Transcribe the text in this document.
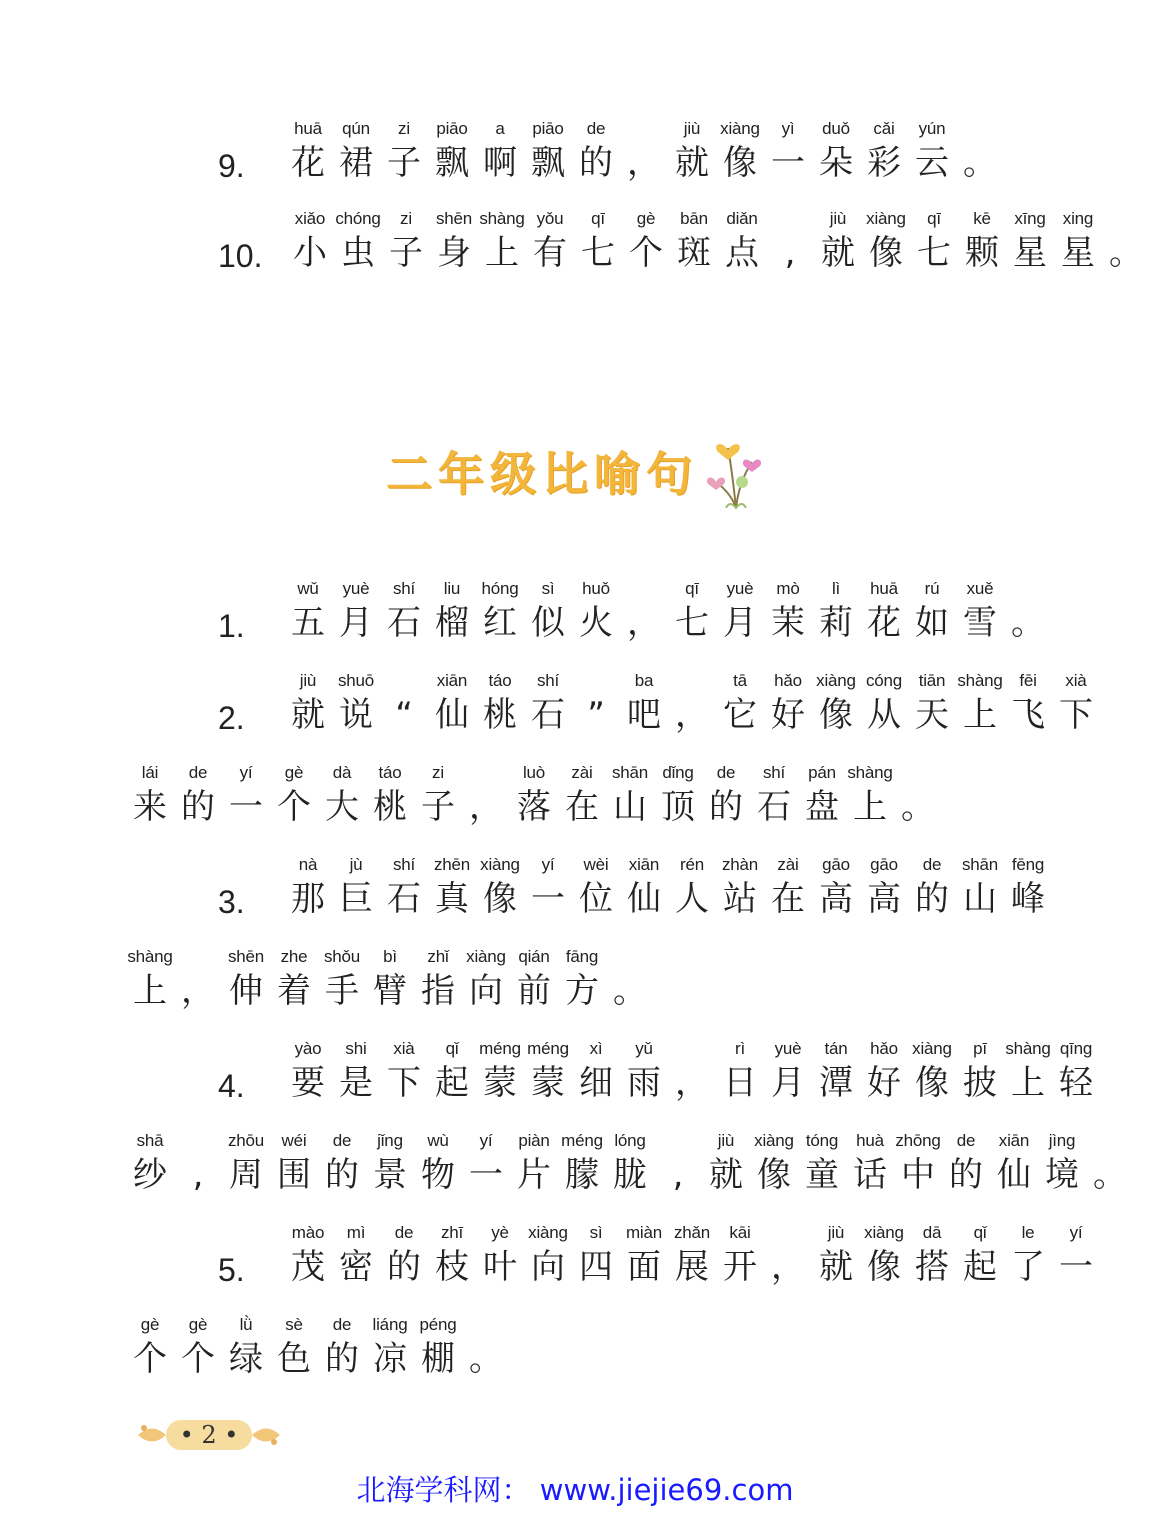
9.
huā
花
qún
裙
zi
子
piāo
飘
a
啊
piāo
飘
de
的 ，
jiù
就
xiàng
像
yì
一
duǒ
朵
cǎi
彩
yún
云 。
10.
xiǎo
小
chóng
虫
zi
子
shēn
身
shàng
上
yǒu
有
qī
七
gè
个
bān
斑
diǎn
点 ,
jiù
就
xiàng
像
qī
七
kē
颗
xīng
星
xing
星 。
二年级比喻句
1.
wǔ
五
yuè
月
shí
石
liu
榴
hóng
红
sì
似
huǒ
火 ，
qī
七
yuè
月
mò
茉
lì
莉
huā
花
rú
如
xuě
雪 。
2.
jiù
就
shuō
说 “
xiān
仙
táo
桃
shí
石 ”
ba
吧 ，
tā
它
hǎo
好
xiàng
像
cóng
从
tiān
天
shàng
上
fēi
飞
xià
下
lái
来
de
的
yí
一
gè
个
dà
大
táo
桃
zi
子 ，
luò
落
zài
在
shān
山
dǐng
顶
de
的
shí
石
pán
盘
shàng
上 。
3.
nà
那
jù
巨
shí
石
zhēn
真
xiàng
像
yí
一
wèi
位
xiān
仙
rén
人
zhàn
站
zài
在
gāo
高
gāo
高
de
的
shān
山
fēng
峰
shàng
上 ，
shēn
伸
zhe
着
shǒu
手
bì
臂
zhǐ
指
xiàng
向
qián
前
fāng
方 。
4.
yào
要
shi
是
xià
下
qǐ
起
méng
蒙
méng
蒙
xì
细
yǔ
雨 ，
rì
日
yuè
月
tán
潭
hǎo
好
xiàng
像
pī
披
shàng
上
qīng
轻
shā
纱 ,
zhōu
周
wéi
围
de
的
jǐng
景
wù
物
yí
一
piàn
片
méng
朦
lóng
胧 ,
jiù
就
xiàng
像
tóng
童
huà
话
zhōng
中
de
的
xiān
仙
jìng
境 。
5.
mào
茂
mì
密
de
的
zhī
枝
yè
叶
xiàng
向
sì
四
miàn
面
zhǎn
展
kāi
开 ，
jiù
就
xiàng
像
dā
搭
qǐ
起
le
了
yí
一
gè
个
gè
个
lǜ
绿
sè
色
de
的
liáng
凉
péng
棚 。
• 2 •
北海学科网： www.jiejie69.com
